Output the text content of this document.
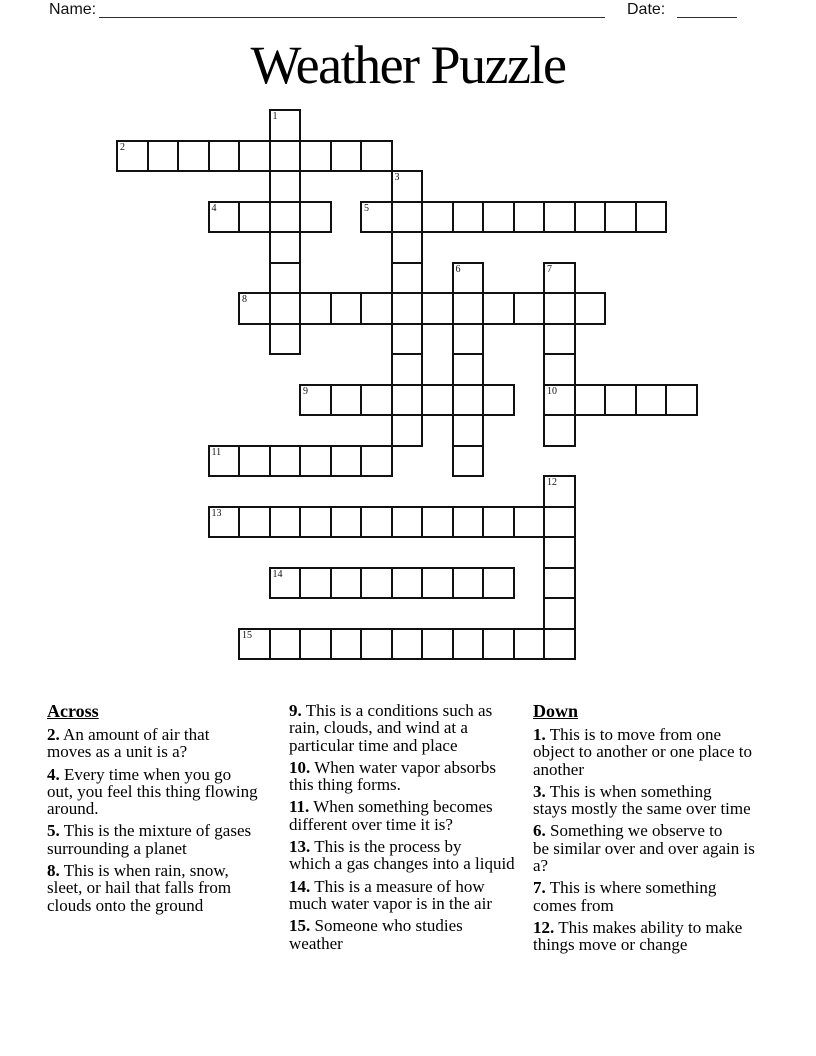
Name:	Date:
Weather Puzzle
1
2
3
4	5
6	7
8
9	10
11
12
13
14
15
Across
2. An amount of air that
moves as a unit is a?
4. Every time when you go
out, you feel this thing flowing
around.
5. This is the mixture of gases
surrounding a planet
8. This is when rain, snow,
sleet, or hail that falls from
clouds onto the ground
9. This is a conditions such as
rain, clouds, and wind at a
particular time and place
10. When water vapor absorbs
this thing forms.
11. When something becomes
different over time it is?
13. This is the process by
which a gas changes into a liquid
14. This is a measure of how
much water vapor is in the air
15. Someone who studies
weather
Down
1. This is to move from one
object to another or one place to
another
3. This is when something
stays mostly the same over time
6. Something we observe to
be similar over and over again is
a?
7. This is where something
comes from
12. This makes ability to make
things move or change
